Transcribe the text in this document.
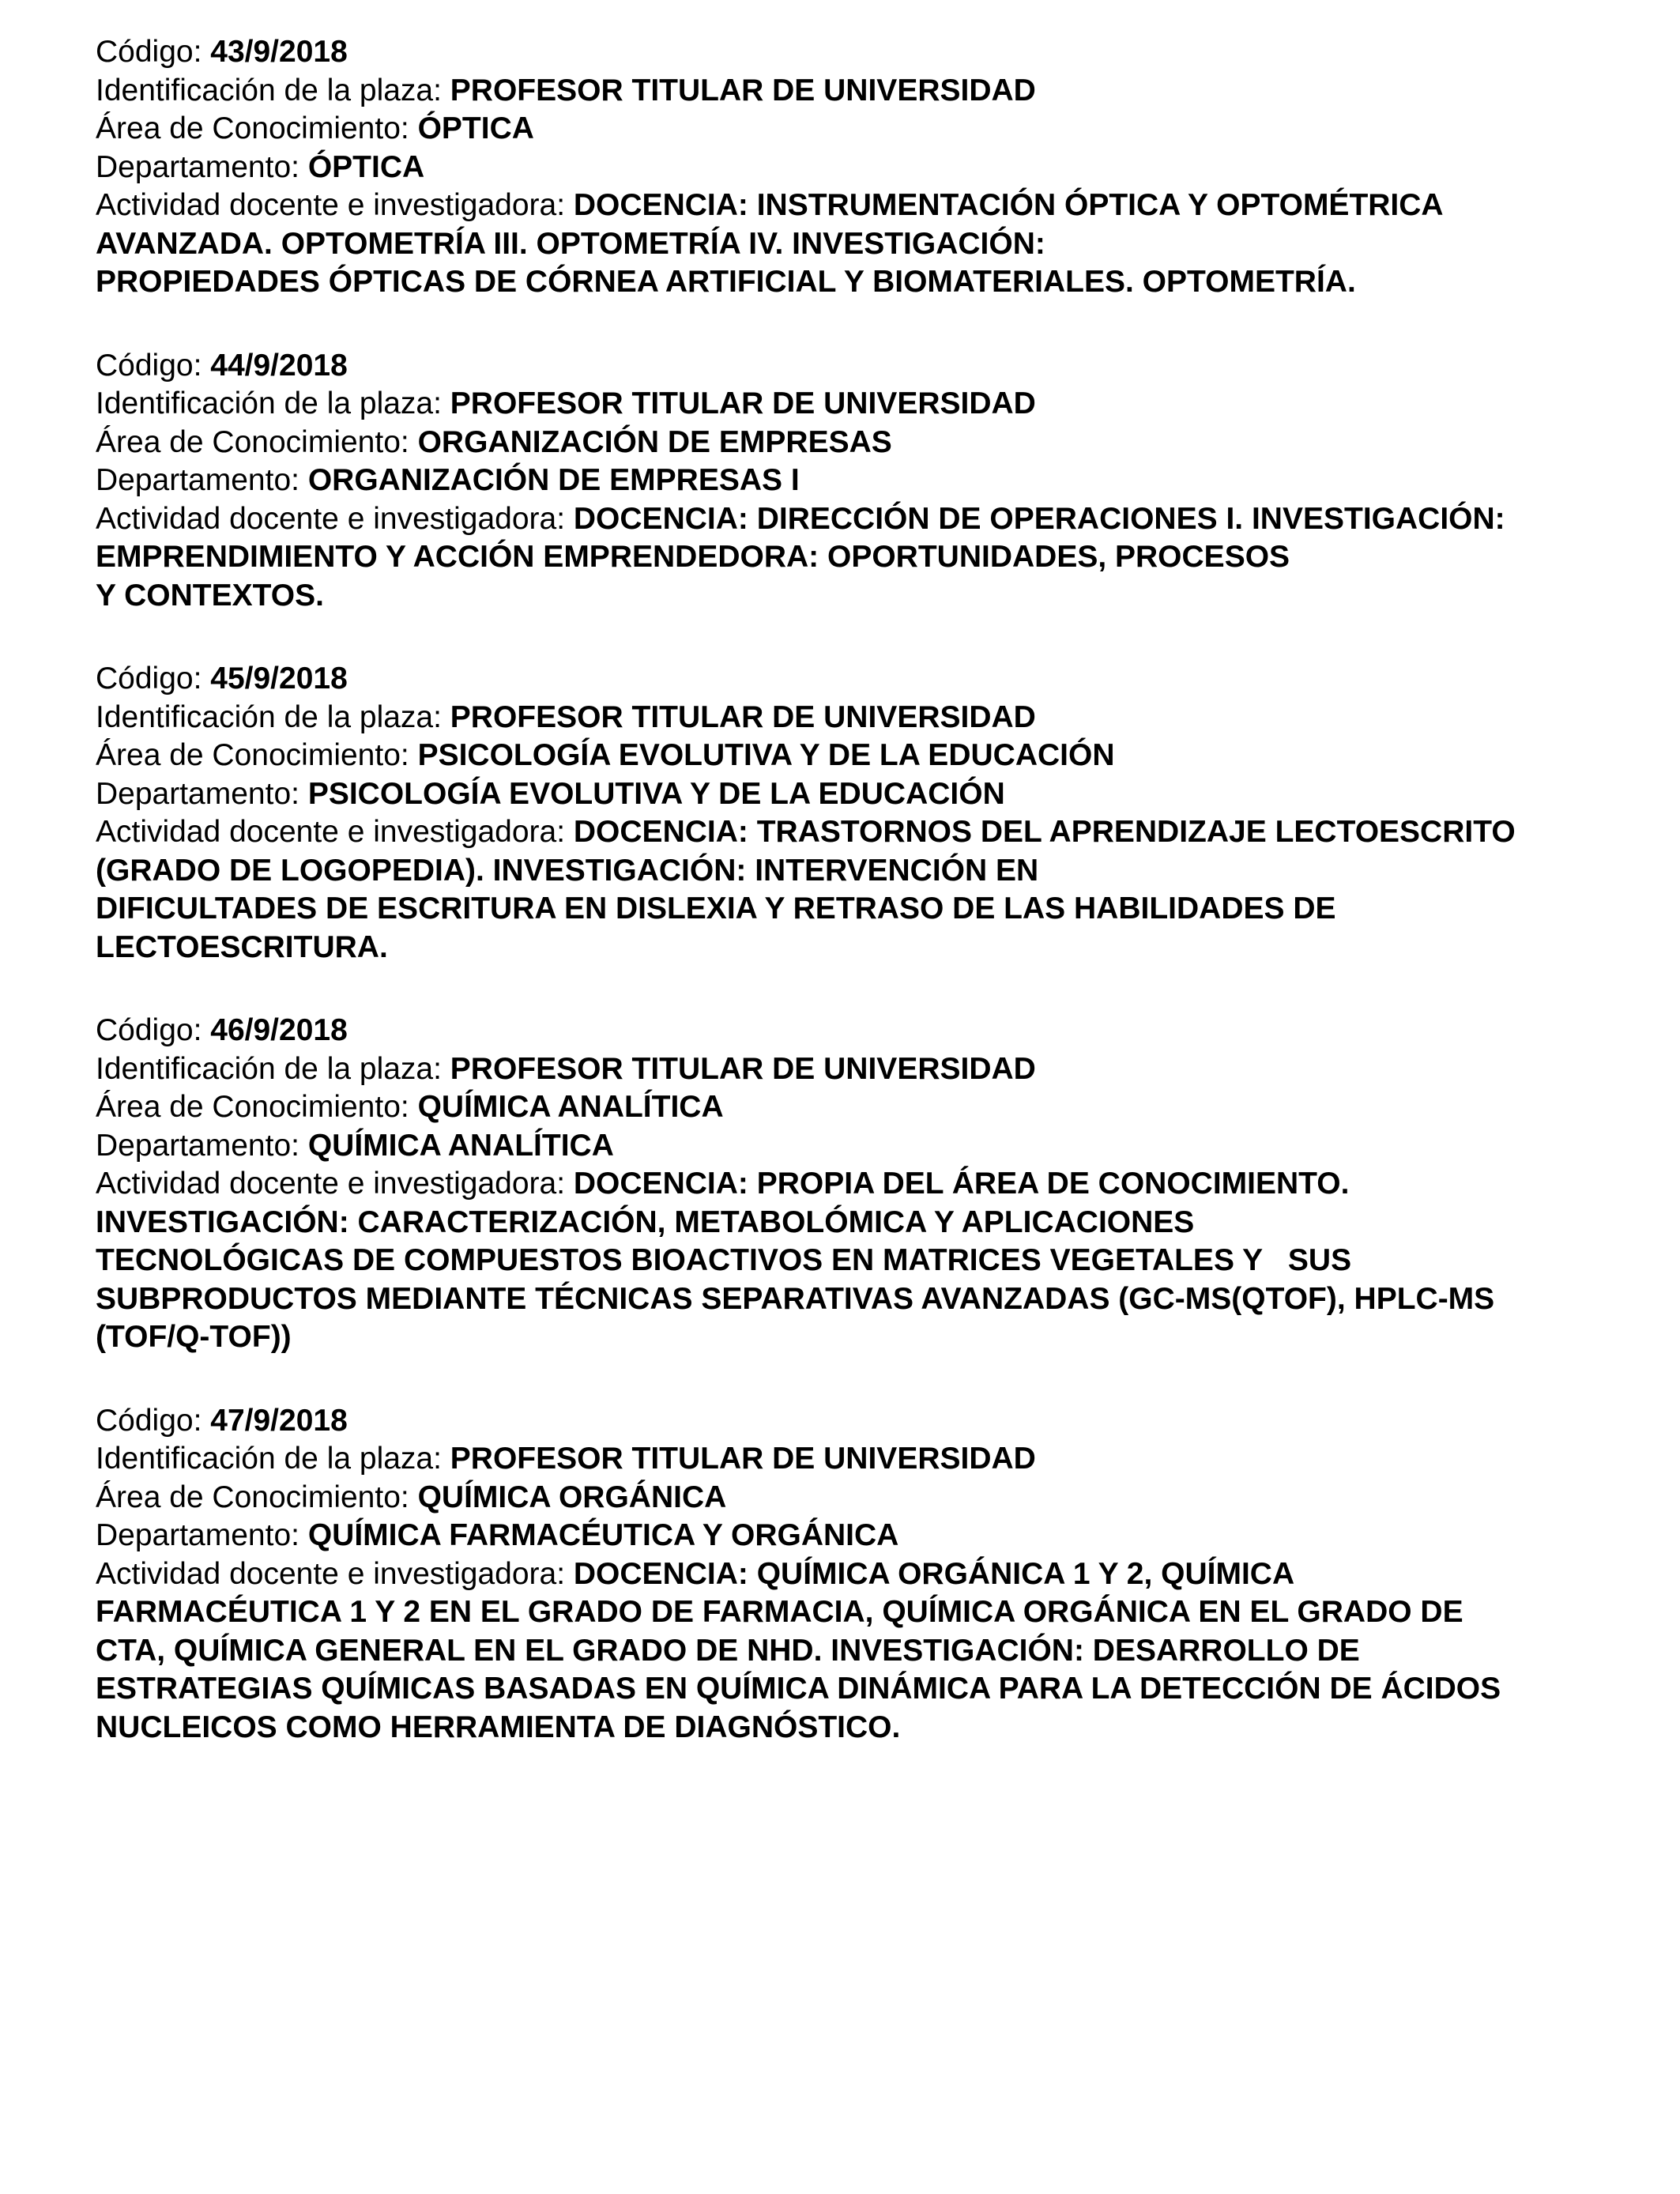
Código: 43/9/2018
Identificación de la plaza: PROFESOR TITULAR DE UNIVERSIDAD
Área de Conocimiento: ÓPTICA
Departamento: ÓPTICA
Actividad docente e investigadora: DOCENCIA: INSTRUMENTACIÓN ÓPTICA Y OPTOMÉTRICA
AVANZADA. OPTOMETRÍA III. OPTOMETRÍA IV. INVESTIGACIÓN:
PROPIEDADES ÓPTICAS DE CÓRNEA ARTIFICIAL Y BIOMATERIALES. OPTOMETRÍA.
Código: 44/9/2018
Identificación de la plaza: PROFESOR TITULAR DE UNIVERSIDAD
Área de Conocimiento: ORGANIZACIÓN DE EMPRESAS
Departamento: ORGANIZACIÓN DE EMPRESAS I
Actividad docente e investigadora: DOCENCIA: DIRECCIÓN DE OPERACIONES I. INVESTIGACIÓN:
EMPRENDIMIENTO Y ACCIÓN EMPRENDEDORA: OPORTUNIDADES, PROCESOS
Y CONTEXTOS.
Código: 45/9/2018
Identificación de la plaza: PROFESOR TITULAR DE UNIVERSIDAD
Área de Conocimiento: PSICOLOGÍA EVOLUTIVA Y DE LA EDUCACIÓN
Departamento: PSICOLOGÍA EVOLUTIVA Y DE LA EDUCACIÓN
Actividad docente e investigadora: DOCENCIA: TRASTORNOS DEL APRENDIZAJE LECTOESCRITO
(GRADO DE LOGOPEDIA). INVESTIGACIÓN: INTERVENCIÓN EN
DIFICULTADES DE ESCRITURA EN DISLEXIA Y RETRASO DE LAS HABILIDADES DE
LECTOESCRITURA.
Código: 46/9/2018
Identificación de la plaza: PROFESOR TITULAR DE UNIVERSIDAD
Área de Conocimiento: QUÍMICA ANALÍTICA
Departamento: QUÍMICA ANALÍTICA
Actividad docente e investigadora: DOCENCIA: PROPIA DEL ÁREA DE CONOCIMIENTO.
INVESTIGACIÓN: CARACTERIZACIÓN, METABOLÓMICA Y APLICACIONES
TECNOLÓGICAS DE COMPUESTOS BIOACTIVOS EN MATRICES VEGETALES Y   SUS
SUBPRODUCTOS MEDIANTE TÉCNICAS SEPARATIVAS AVANZADAS (GC-MS(QTOF), HPLC-MS
(TOF/Q-TOF))
Código: 47/9/2018
Identificación de la plaza: PROFESOR TITULAR DE UNIVERSIDAD
Área de Conocimiento: QUÍMICA ORGÁNICA
Departamento: QUÍMICA FARMACÉUTICA Y ORGÁNICA
Actividad docente e investigadora: DOCENCIA: QUÍMICA ORGÁNICA 1 Y 2, QUÍMICA
FARMACÉUTICA 1 Y 2 EN EL GRADO DE FARMACIA, QUÍMICA ORGÁNICA EN EL GRADO DE
CTA, QUÍMICA GENERAL EN EL GRADO DE NHD. INVESTIGACIÓN: DESARROLLO DE
ESTRATEGIAS QUÍMICAS BASADAS EN QUÍMICA DINÁMICA PARA LA DETECCIÓN DE ÁCIDOS
NUCLEICOS COMO HERRAMIENTA DE DIAGNÓSTICO.
